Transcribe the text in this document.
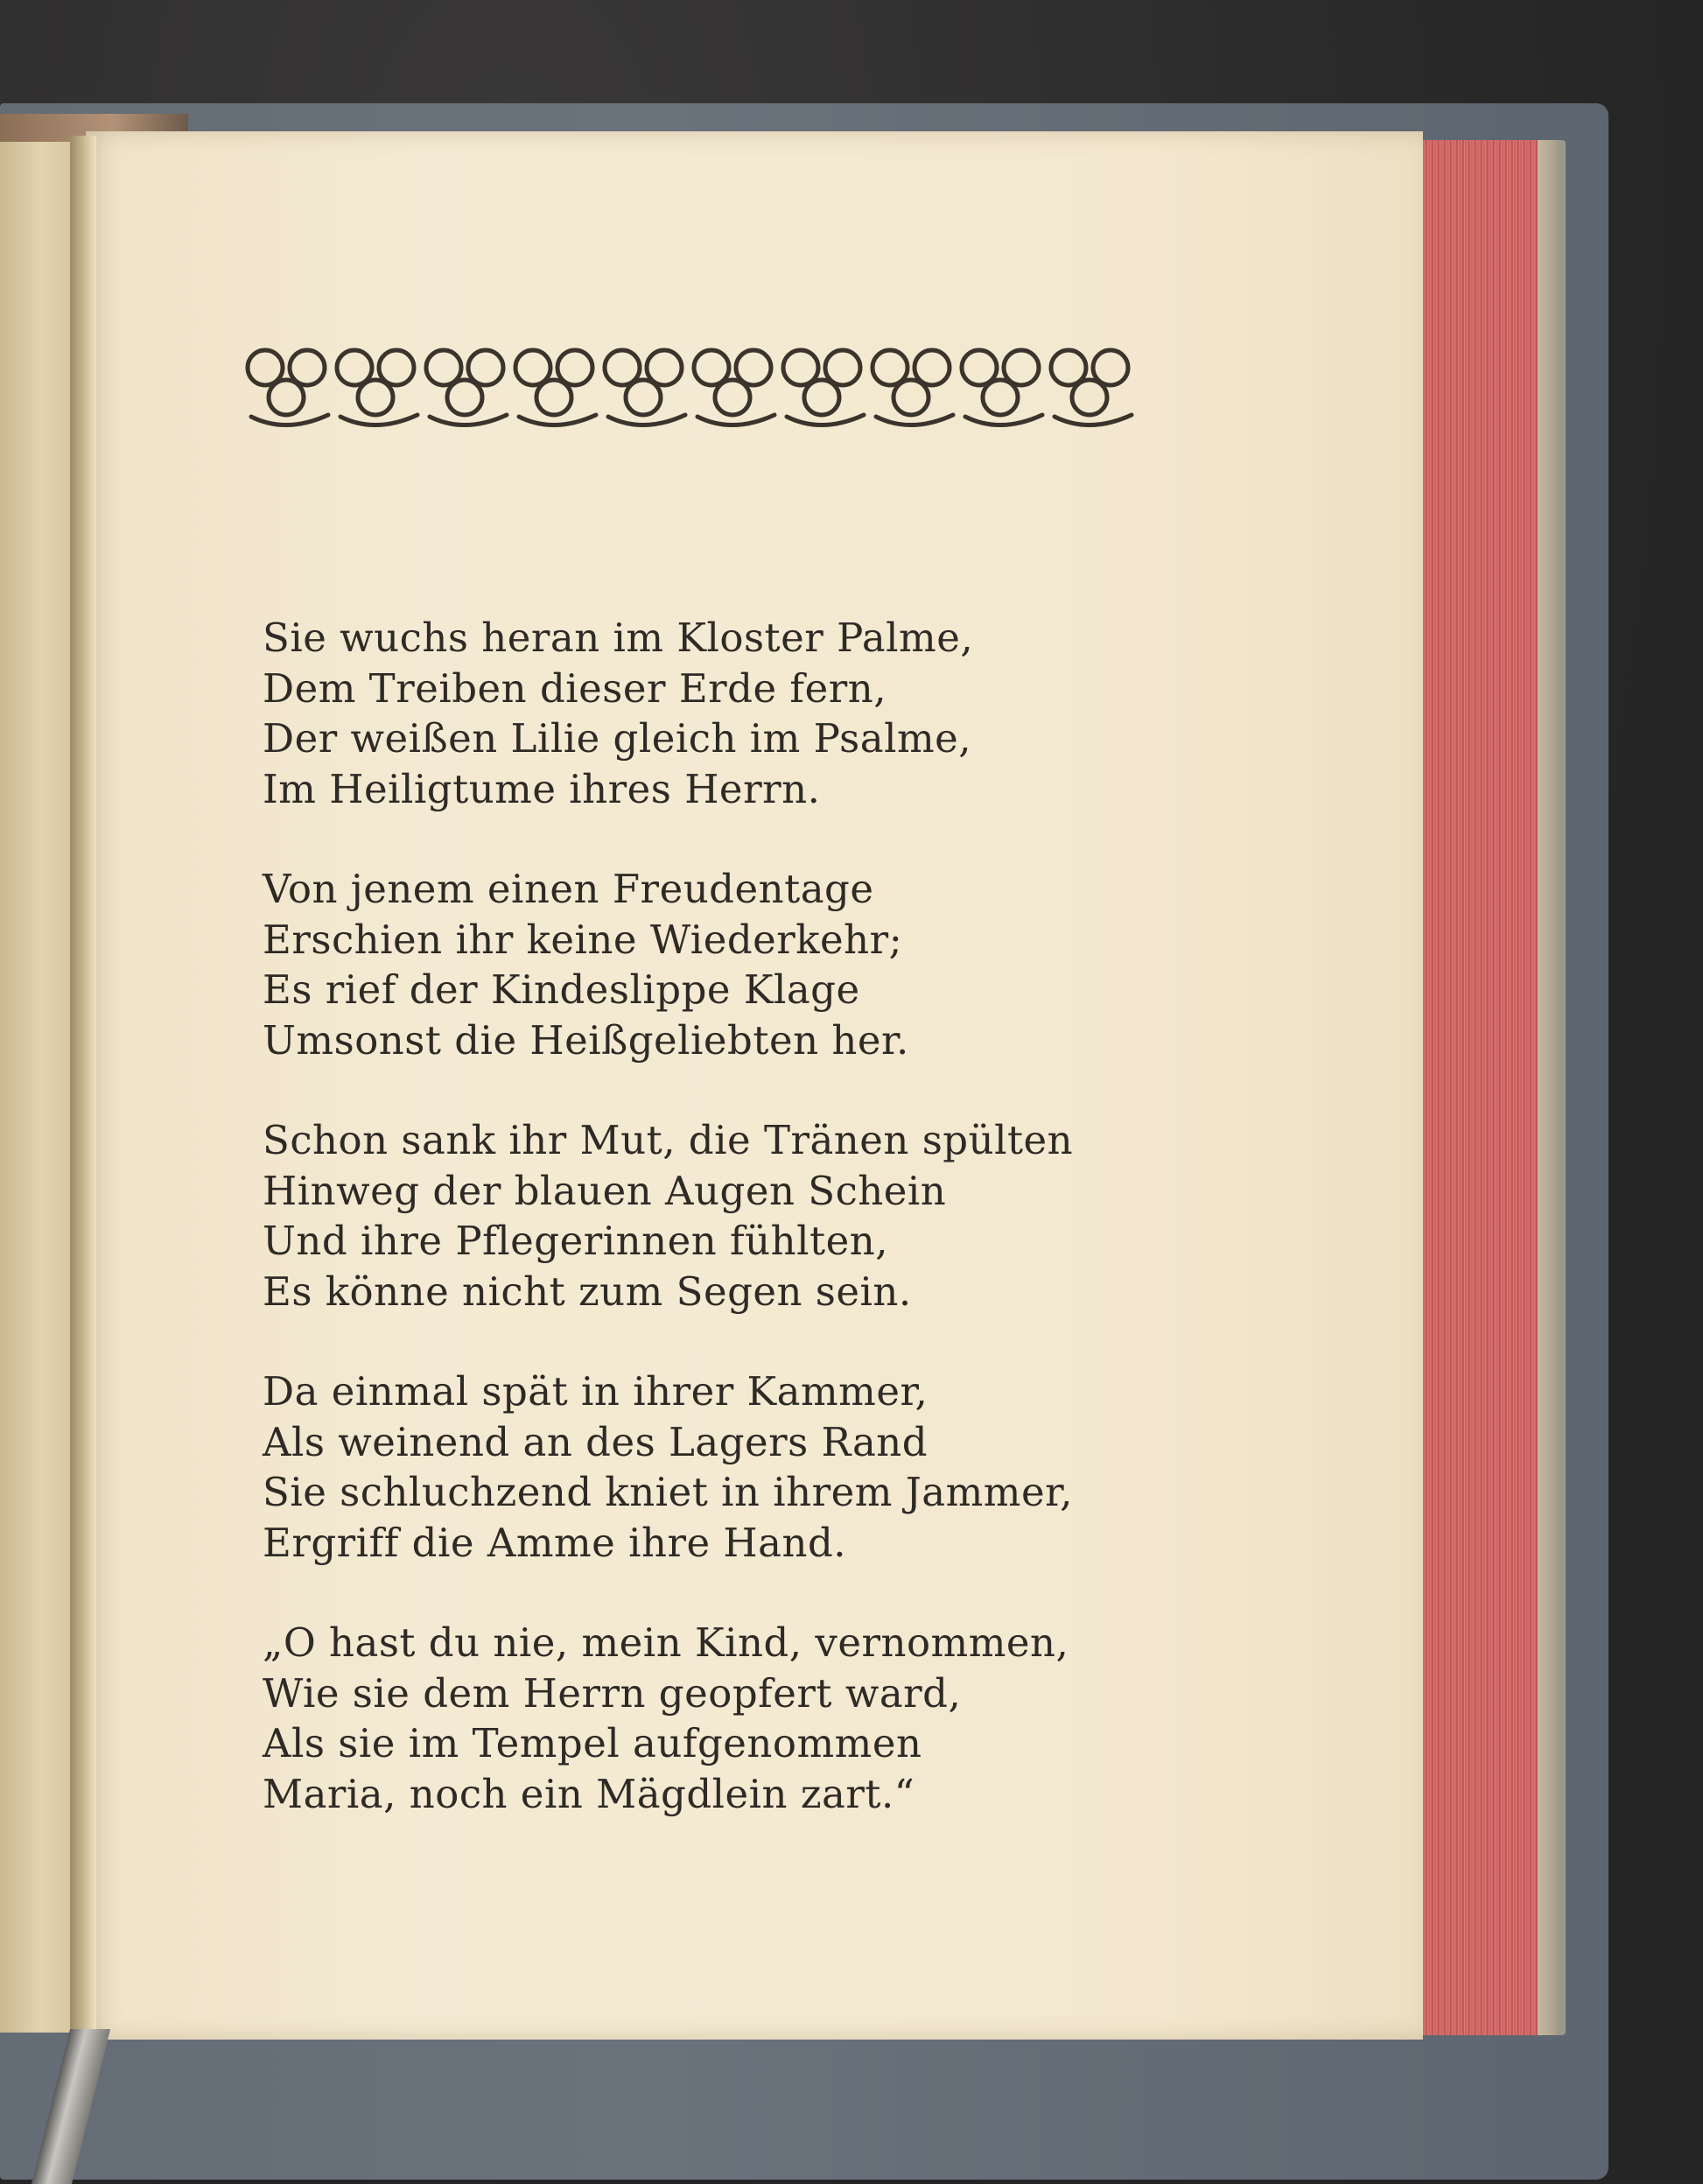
Sie wuchs heran im Kloster Palme,
Dem Treiben dieser Erde fern,
Der weißen Lilie gleich im Psalme,
Im Heiligtume ihres Herrn.
Von jenem einen Freudentage
Erschien ihr keine Wiederkehr;
Es rief der Kindeslippe Klage
Umsonst die Heißgeliebten her.
Schon sank ihr Mut, die Tränen spülten
Hinweg der blauen Augen Schein
Und ihre Pflegerinnen fühlten,
Es könne nicht zum Segen sein.
Da einmal spät in ihrer Kammer,
Als weinend an des Lagers Rand
Sie schluchzend kniet in ihrem Jammer,
Ergriff die Amme ihre Hand.
„O hast du nie, mein Kind, vernommen,
Wie sie dem Herrn geopfert ward,
Als sie im Tempel aufgenommen
Maria, noch ein Mägdlein zart.“
